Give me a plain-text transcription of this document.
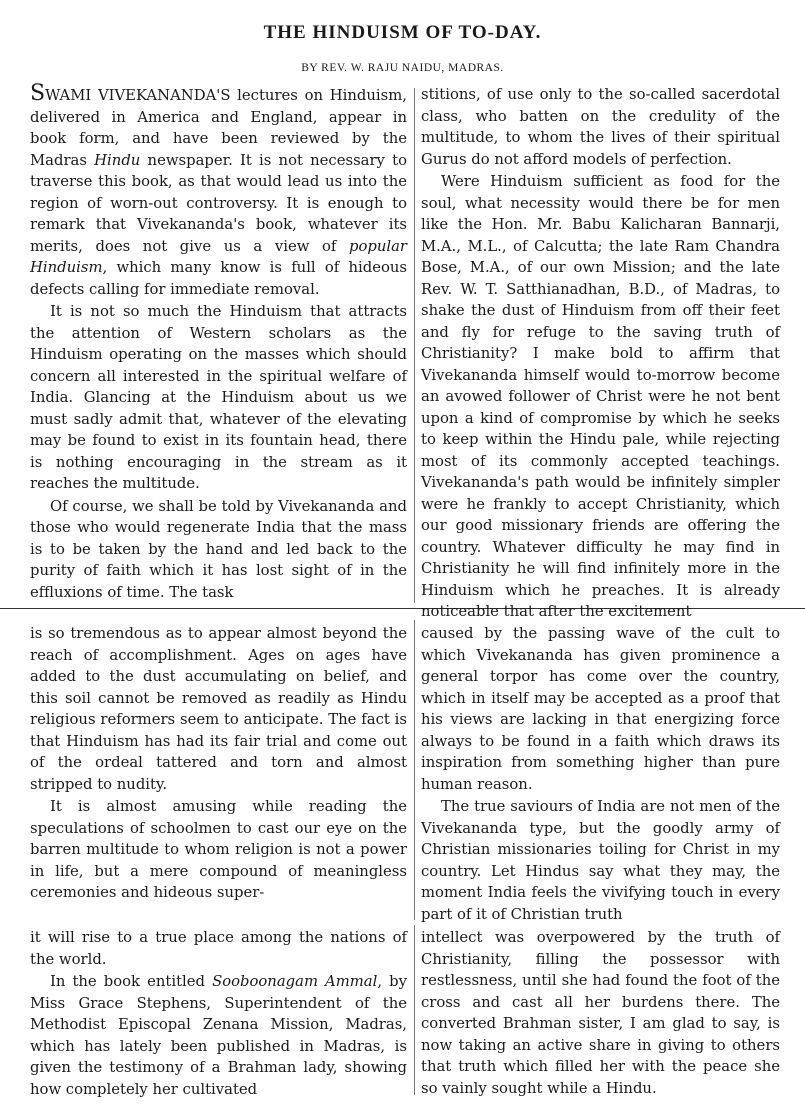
THE HINDUISM OF TO-DAY.
BY REV. W. RAJU NAIDU, MADRAS.

SWAMI VIVEKANANDA'S lectures on Hinduism, delivered in America and England, appear in book form, and have been reviewed by the Madras Hindu newspaper. It is not necessary to traverse this book, as that would lead us into the region of worn-out controversy. It is enough to remark that Vivekananda's book, whatever its merits, does not give us a view of popular Hinduism, which many know is full of hideous defects calling for immediate removal.

It is not so much the Hinduism that attracts the attention of Western scholars as the Hinduism operating on the masses which should concern all interested in the spiritual welfare of India. Glancing at the Hinduism about us we must sadly admit that, whatever of the elevating may be found to exist in its fountain head, there is nothing encouraging in the stream as it reaches the multitude.

Of course, we shall be told by Vivekananda and those who would regenerate India that the mass is to be taken by the hand and led back to the purity of faith which it has lost sight of in the effluxions of time. The task

stitions, of use only to the so-called sacerdotal class, who batten on the credulity of the multitude, to whom the lives of their spiritual Gurus do not afford models of perfection.

Were Hinduism sufficient as food for the soul, what necessity would there be for men like the Hon. Mr. Babu Kalicharan Bannarji, M.A., M.L., of Calcutta; the late Ram Chandra Bose, M.A., of our own Mission; and the late Rev. W. T. Satthianadhan, B.D., of Madras, to shake the dust of Hinduism from off their feet and fly for refuge to the saving truth of Christianity? I make bold to affirm that Vivekananda himself would to-morrow become an avowed follower of Christ were he not bent upon a kind of compromise by which he seeks to keep within the Hindu pale, while rejecting most of its commonly accepted teachings. Vivekananda's path would be infinitely simpler were he frankly to accept Christianity, which our good missionary friends are offering the country. Whatever difficulty he may find in Christianity he will find infinitely more in the Hinduism which he preaches. It is already noticeable that after the excitement

is so tremendous as to appear almost beyond the reach of accomplishment. Ages on ages have added to the dust accumulating on belief, and this soil cannot be removed as readily as Hindu religious reformers seem to anticipate. The fact is that Hinduism has had its fair trial and come out of the ordeal tattered and torn and almost stripped to nudity.

It is almost amusing while reading the speculations of schoolmen to cast our eye on the barren multitude to whom religion is not a power in life, but a mere compound of meaningless ceremonies and hideous super-

caused by the passing wave of the cult to which Vivekananda has given prominence a general torpor has come over the country, which in itself may be accepted as a proof that his views are lacking in that energizing force always to be found in a faith which draws its inspiration from something higher than pure human reason.

The true saviours of India are not men of the Vivekananda type, but the goodly army of Christian missionaries toiling for Christ in my country. Let Hindus say what they may, the moment India feels the vivifying touch in every part of it of Christian truth

it will rise to a true place among the nations of the world.

In the book entitled Sooboonagam Ammal, by Miss Grace Stephens, Superintendent of the Methodist Episcopal Zenana Mission, Madras, which has lately been published in Madras, is given the testimony of a Brahman lady, showing how completely her cultivated

intellect was overpowered by the truth of Christianity, filling the possessor with restlessness, until she had found the foot of the cross and cast all her burdens there. The converted Brahman sister, I am glad to say, is now taking an active share in giving to others that truth which filled her with the peace she so vainly sought while a Hindu.
